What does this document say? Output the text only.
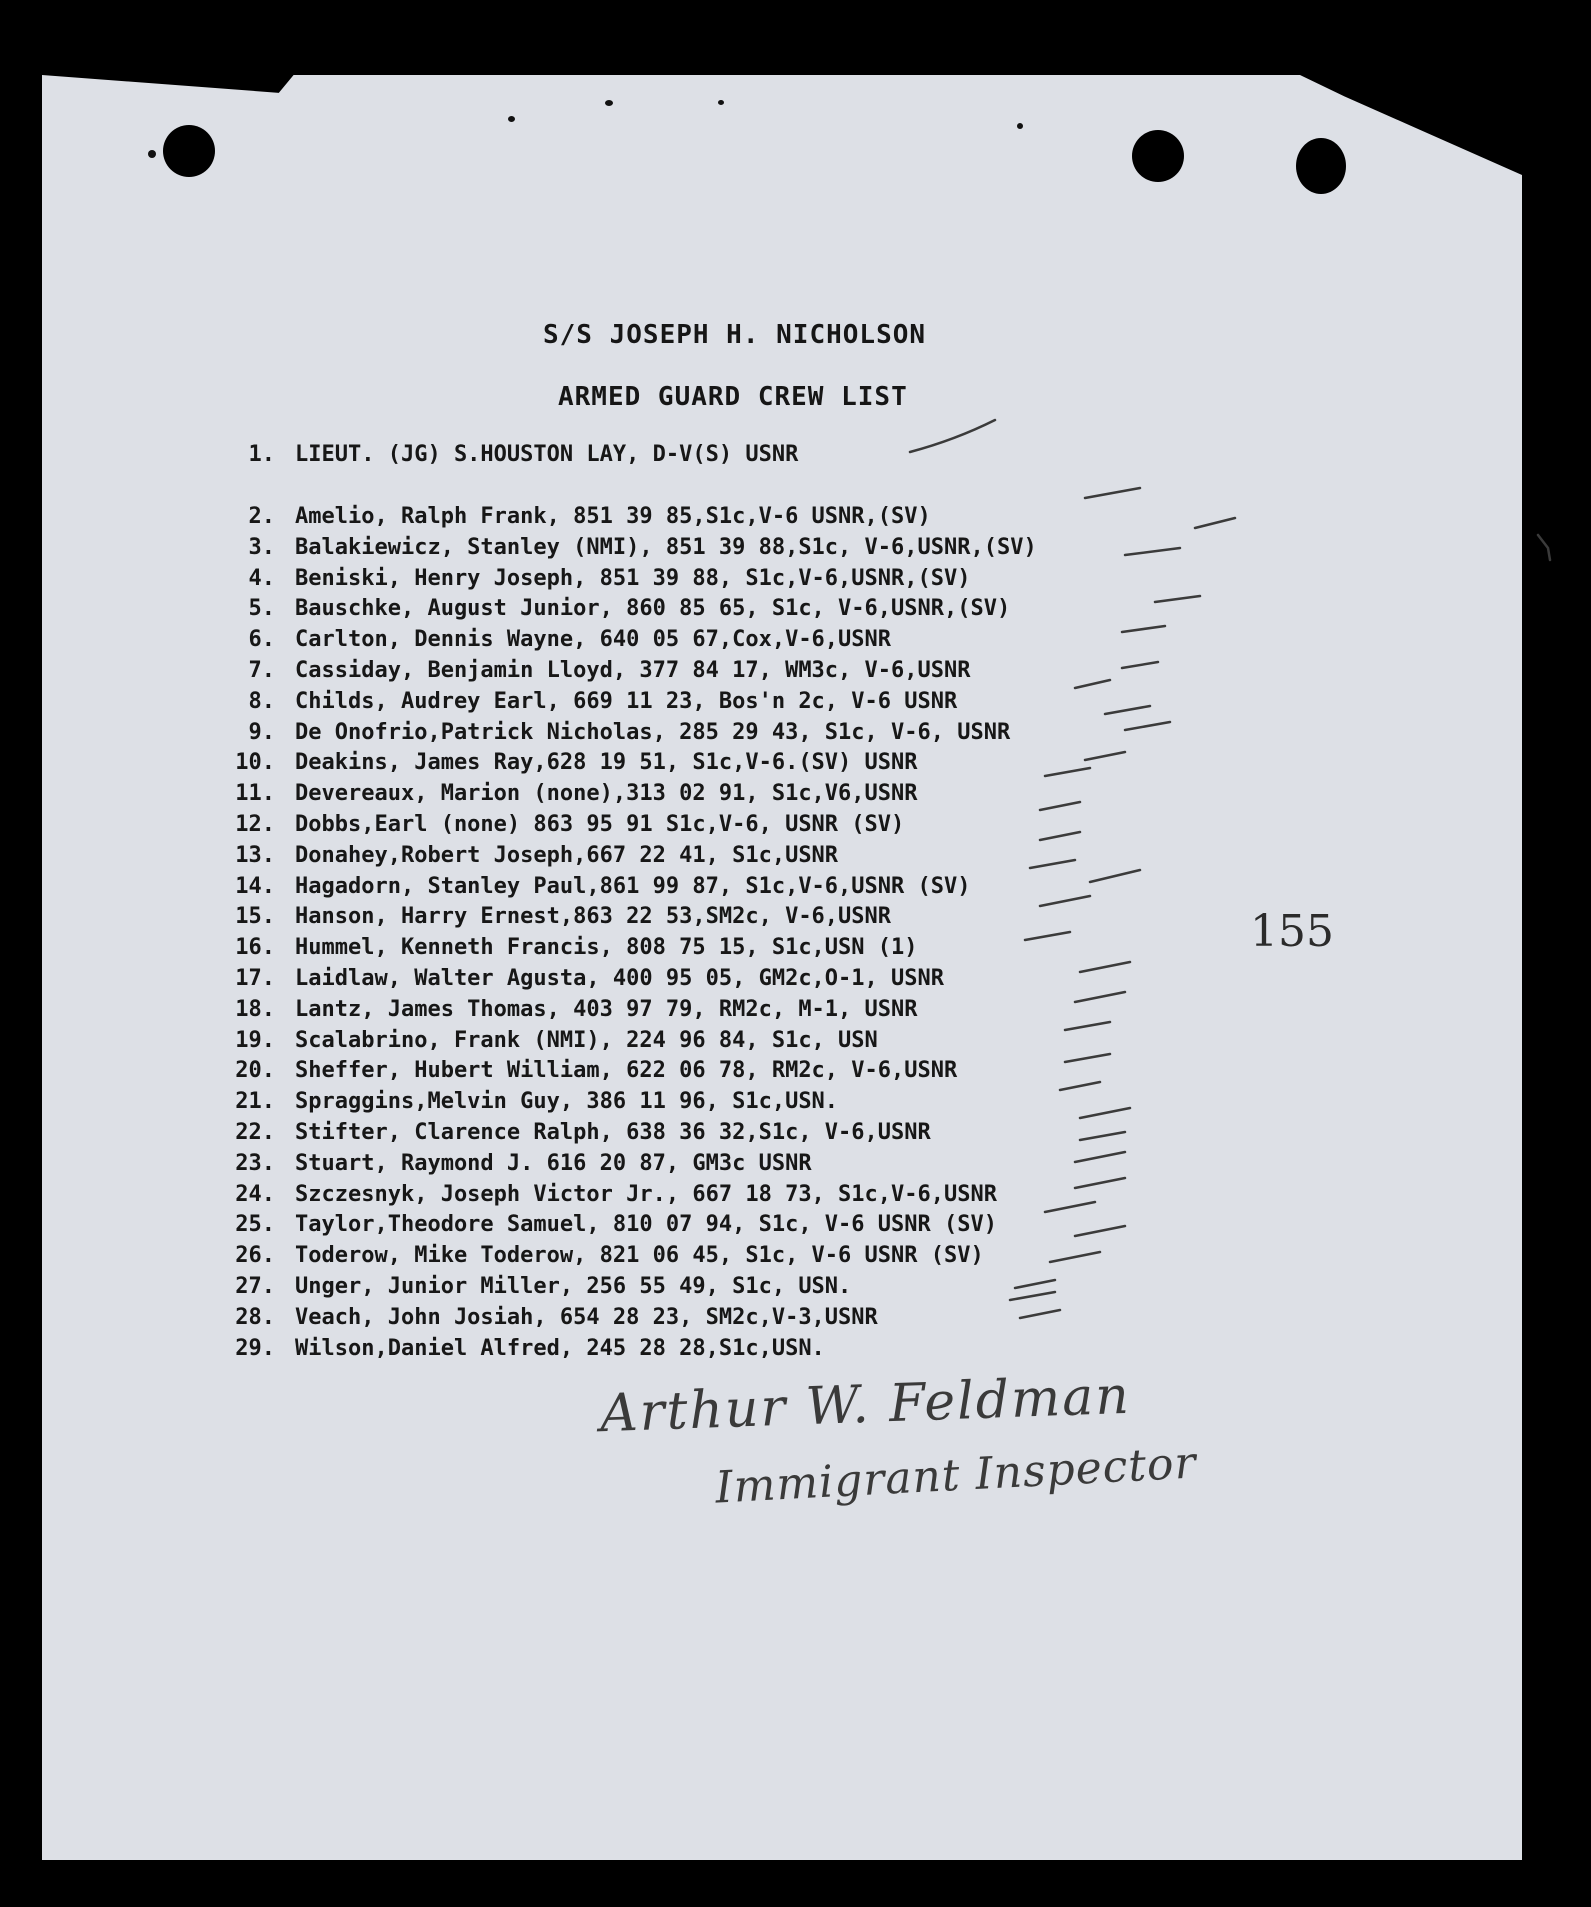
S/S JOSEPH H. NICHOLSON
ARMED GUARD CREW LIST
1. LIEUT. (JG) S.HOUSTON LAY, D-V(S) USNR
2. Amelio, Ralph Frank, 851 39 85,S1c,V-6 USNR,(SV)
3. Balakiewicz, Stanley (NMI), 851 39 88,S1c, V-6,USNR,(SV)
4. Beniski, Henry Joseph, 851 39 88, S1c,V-6,USNR,(SV)
5. Bauschke, August Junior, 860 85 65, S1c, V-6,USNR,(SV)
6. Carlton, Dennis Wayne, 640 05 67,Cox,V-6,USNR
7. Cassiday, Benjamin Lloyd, 377 84 17, WM3c, V-6,USNR
8. Childs, Audrey Earl, 669 11 23, Bos'n 2c, V-6 USNR
9. De Onofrio,Patrick Nicholas, 285 29 43, S1c, V-6, USNR
10. Deakins, James Ray,628 19 51, S1c,V-6.(SV) USNR
11. Devereaux, Marion (none),313 02 91, S1c,V6,USNR
12. Dobbs,Earl (none) 863 95 91 S1c,V-6, USNR (SV)
13. Donahey,Robert Joseph,667 22 41, S1c,USNR
14. Hagadorn, Stanley Paul,861 99 87, S1c,V-6,USNR (SV)
15. Hanson, Harry Ernest,863 22 53,SM2c, V-6,USNR
16. Hummel, Kenneth Francis, 808 75 15, S1c,USN (1)
17. Laidlaw, Walter Agusta, 400 95 05, GM2c,O-1, USNR
18. Lantz, James Thomas, 403 97 79, RM2c, M-1, USNR
19. Scalabrino, Frank (NMI), 224 96 84, S1c, USN
20. Sheffer, Hubert William, 622 06 78, RM2c, V-6,USNR
21. Spraggins,Melvin Guy, 386 11 96, S1c,USN.
22. Stifter, Clarence Ralph, 638 36 32,S1c, V-6,USNR
23. Stuart, Raymond J. 616 20 87, GM3c USNR
24. Szczesnyk, Joseph Victor Jr., 667 18 73, S1c,V-6,USNR
25. Taylor,Theodore Samuel, 810 07 94, S1c, V-6 USNR (SV)
26. Toderow, Mike Toderow, 821 06 45, S1c, V-6 USNR (SV)
27. Unger, Junior Miller, 256 55 49, S1c, USN.
28. Veach, John Josiah, 654 28 23, SM2c,V-3,USNR
29. Wilson,Daniel Alfred, 245 28 28,S1c,USN.
155
Arthur W. Feldman
Immigrant Inspector
